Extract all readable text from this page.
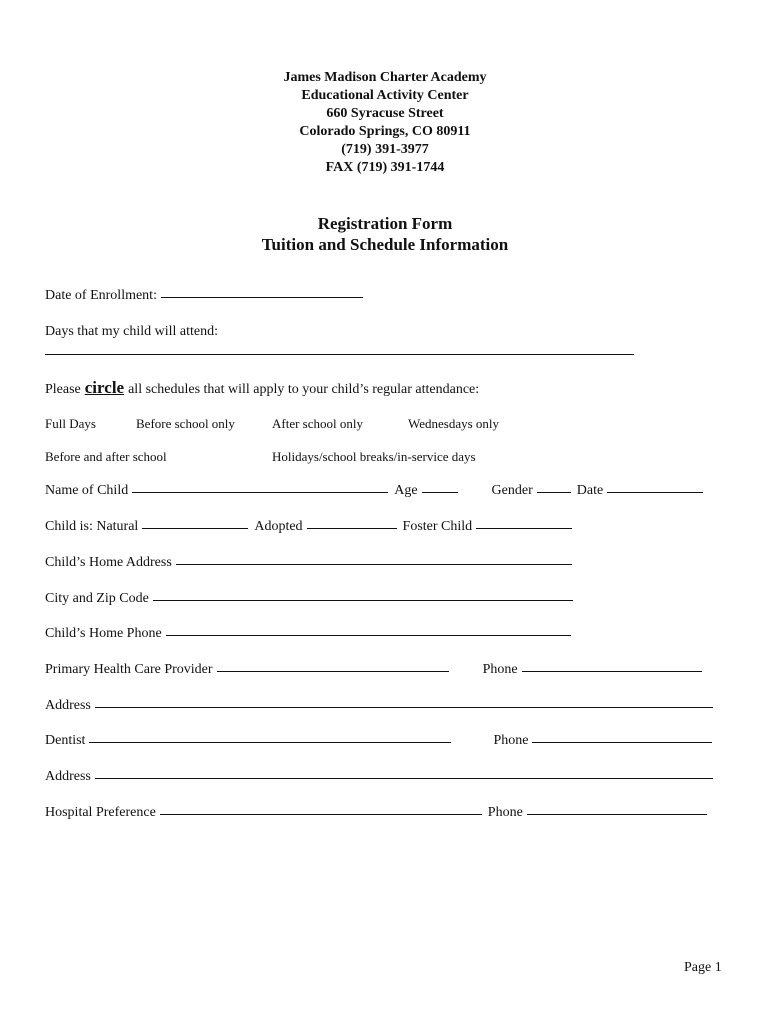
James Madison Charter Academy
Educational Activity Center
660 Syracuse Street
Colorado Springs, CO 80911
(719) 391-3977
FAX (719) 391-1744
Registration Form
Tuition and Schedule Information
Date of Enrollment:
Days that my child will attend:
Please circle all schedules that will apply to your child’s regular attendance:
Full Days	Before school only	After school only	Wednesdays only
Before and after school	Holidays/school breaks/in-service days
Name of Child	Age	Gender	Date
Child is: Natural	Adopted	Foster Child
Child’s Home Address
City and Zip Code
Child’s Home Phone
Primary Health Care Provider	Phone
Address
Dentist	Phone
Address
Hospital Preference	Phone
Page 1
